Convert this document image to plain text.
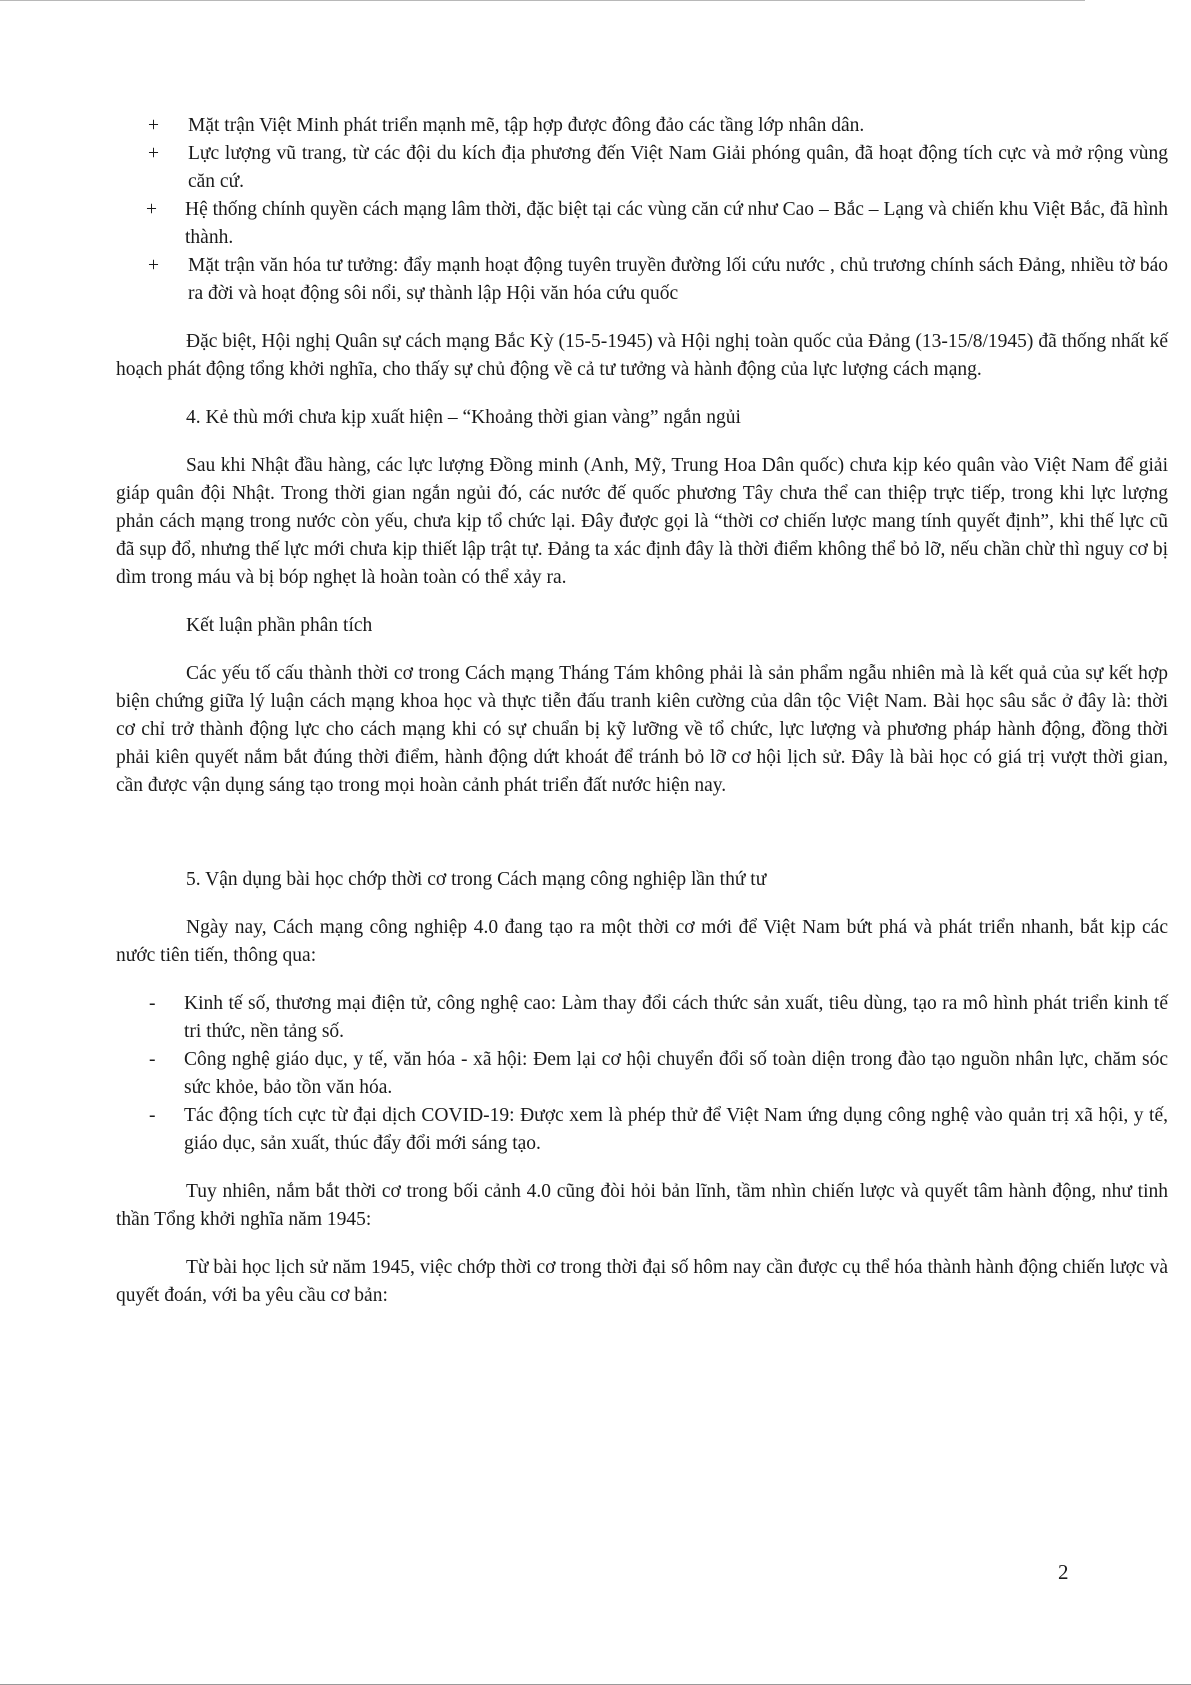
+ Mặt trận Việt Minh phát triển mạnh mẽ, tập hợp được đông đảo các tầng lớp nhân dân.

+ Lực lượng vũ trang, từ các đội du kích địa phương đến Việt Nam Giải phóng quân, đã hoạt động tích cực và mở rộng vùng căn cứ.

+ Hệ thống chính quyền cách mạng lâm thời, đặc biệt tại các vùng căn cứ như Cao – Bắc – Lạng và chiến khu Việt Bắc, đã hình thành.

+ Mặt trận văn hóa tư tưởng: đẩy mạnh hoạt động tuyên truyền đường lối cứu nước , chủ trương chính sách Đảng, nhiều tờ báo ra đời và hoạt động sôi nổi, sự thành lập Hội văn hóa cứu quốc

Đặc biệt, Hội nghị Quân sự cách mạng Bắc Kỳ (15-5-1945) và Hội nghị toàn quốc của Đảng (13-15/8/1945) đã thống nhất kế hoạch phát động tổng khởi nghĩa, cho thấy sự chủ động về cả tư tưởng và hành động của lực lượng cách mạng.

4. Kẻ thù mới chưa kịp xuất hiện – “Khoảng thời gian vàng” ngắn ngủi

Sau khi Nhật đầu hàng, các lực lượng Đồng minh (Anh, Mỹ, Trung Hoa Dân quốc) chưa kịp kéo quân vào Việt Nam để giải giáp quân đội Nhật. Trong thời gian ngắn ngủi đó, các nước đế quốc phương Tây chưa thể can thiệp trực tiếp, trong khi lực lượng phản cách mạng trong nước còn yếu, chưa kịp tổ chức lại. Đây được gọi là “thời cơ chiến lược mang tính quyết định”, khi thế lực cũ đã sụp đổ, nhưng thế lực mới chưa kịp thiết lập trật tự. Đảng ta xác định đây là thời điểm không thể bỏ lỡ, nếu chần chừ thì nguy cơ bị dìm trong máu và bị bóp nghẹt là hoàn toàn có thể xảy ra.

Kết luận phần phân tích

Các yếu tố cấu thành thời cơ trong Cách mạng Tháng Tám không phải là sản phẩm ngẫu nhiên mà là kết quả của sự kết hợp biện chứng giữa lý luận cách mạng khoa học và thực tiễn đấu tranh kiên cường của dân tộc Việt Nam. Bài học sâu sắc ở đây là: thời cơ chỉ trở thành động lực cho cách mạng khi có sự chuẩn bị kỹ lưỡng về tổ chức, lực lượng và phương pháp hành động, đồng thời phải kiên quyết nắm bắt đúng thời điểm, hành động dứt khoát để tránh bỏ lỡ cơ hội lịch sử. Đây là bài học có giá trị vượt thời gian, cần được vận dụng sáng tạo trong mọi hoàn cảnh phát triển đất nước hiện nay.

5. Vận dụng bài học chớp thời cơ trong Cách mạng công nghiệp lần thứ tư

Ngày nay, Cách mạng công nghiệp 4.0 đang tạo ra một thời cơ mới để Việt Nam bứt phá và phát triển nhanh, bắt kịp các nước tiên tiến, thông qua:

- Kinh tế số, thương mại điện tử, công nghệ cao: Làm thay đổi cách thức sản xuất, tiêu dùng, tạo ra mô hình phát triển kinh tế tri thức, nền tảng số.

- Công nghệ giáo dục, y tế, văn hóa - xã hội: Đem lại cơ hội chuyển đổi số toàn diện trong đào tạo nguồn nhân lực, chăm sóc sức khỏe, bảo tồn văn hóa.

- Tác động tích cực từ đại dịch COVID-19: Được xem là phép thử để Việt Nam ứng dụng công nghệ vào quản trị xã hội, y tế, giáo dục, sản xuất, thúc đẩy đổi mới sáng tạo.

Tuy nhiên, nắm bắt thời cơ trong bối cảnh 4.0 cũng đòi hỏi bản lĩnh, tầm nhìn chiến lược và quyết tâm hành động, như tinh thần Tổng khởi nghĩa năm 1945:

Từ bài học lịch sử năm 1945, việc chớp thời cơ trong thời đại số hôm nay cần được cụ thể hóa thành hành động chiến lược và quyết đoán, với ba yêu cầu cơ bản:

2
